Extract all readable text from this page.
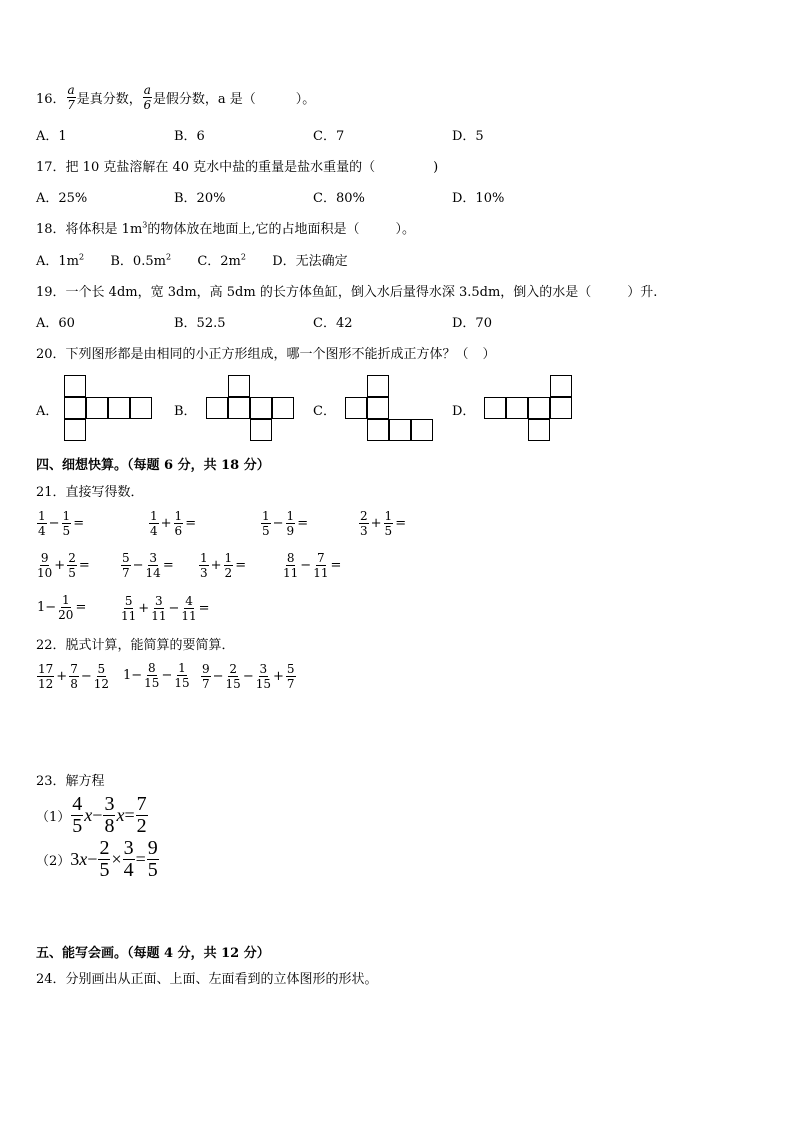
16． $\frac{a}{7}$ 是真分数， $\frac{a}{6}$ 是假分数，a 是（	）。
A．1	B．6	C．7	D．5
17．把 10 克盐溶解在 40 克水中盐的重量是盐水重量的（	)
A．25%	B．20%	C．80%	D．10%
18．将体积是 $1m^3$的物体放在地面上,它的占地面积是（	）。
A．$1m^2$ B．$0.5m^2$ C．$2m^2$ D．无法确定
19．一个长 4dm，宽 3dm，高 5dm 的长方体鱼缸，倒入水后量得水深 3.5dm，倒入的水是（	）升.
A．60	B．52.5	C．42	D．70
20．下列图形都是由相同的小正方形组成，哪一个图形不能折成正方体？（ ）
A．	B．	C．	D．
四、细想快算。（每题 6 分，共 18 分）
21．直接写得数．
$\frac{1}{4} - \frac{1}{5}$ =	$\frac{1}{4} + \frac{1}{6}$ =	$\frac{1}{5} - \frac{1}{9}$ =	$\frac{2}{3} + \frac{1}{5}$ =
$\frac{9}{10} + \frac{2}{5}$ =	$\frac{5}{7} - \frac{3}{14} = \frac{1}{3} + \frac{1}{2}$ =	$\frac{8}{11} - \frac{7}{11}$ =
$1- \frac{1}{20}$ =	$\frac{5}{11} + \frac{3}{11} - \frac{4}{11}$ =
22．脱式计算，能简算的要简算．
$\frac{17}{12} + \frac{7}{8} - \frac{5}{12} 1- \frac{8}{15} - \frac{1}{15} \frac{9}{7} - \frac{2}{15} - \frac{3}{15} + \frac{5}{7}$
23．解方程
$(1) \frac{4}{5}$ $x - \frac{3}{8}$ $x = \frac{7}{2}$
（2） 3 $x - \frac{2}{5} \times \frac{3}{4} = \frac{9}{5}$
五、能写会画。（每题 4 分，共 12 分）
24．分别画出从正面、上面、左面看到的立体图形的形状。
